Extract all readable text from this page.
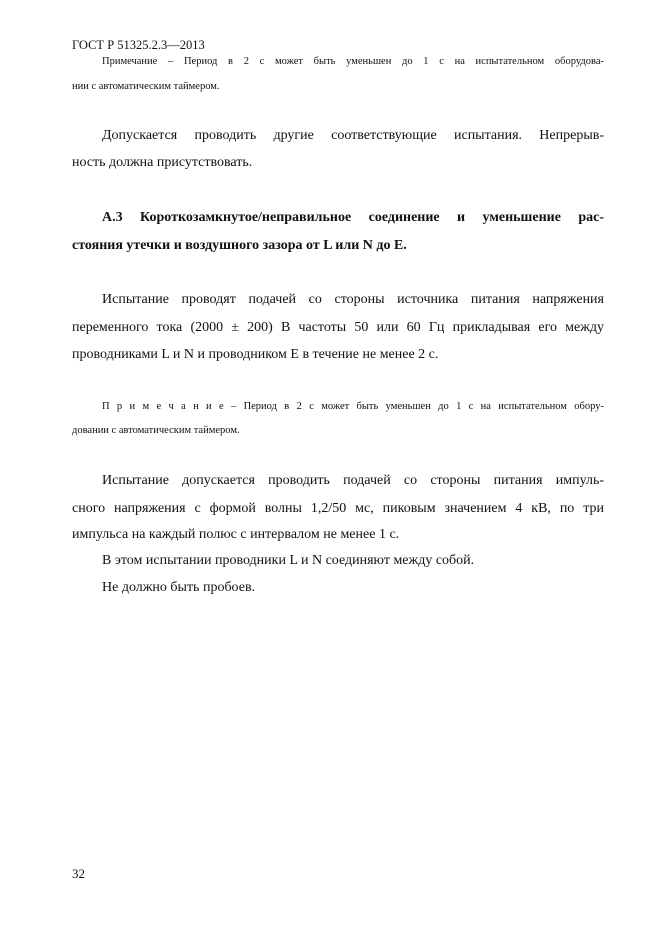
ГОСТ Р 51325.2.3—2013
Примечание – Период в 2 с может быть уменьшен до 1 с на испытательном оборудова-
нии с автоматическим таймером.
Допускается проводить другие соответствующие испытания. Непрерыв-
ность должна присутствовать.
А.3 Короткозамкнутое/неправильное соединение и уменьшение рас-
стояния утечки и воздушного зазора от L или N до E.
Испытание проводят подачей со стороны источника питания напряжения
переменного тока (2000 ± 200) В частоты 50 или 60 Гц прикладывая его между
проводниками L и N и проводником E в течение не менее 2 с.
П р и м е ч а н и е – Период в 2 с может быть уменьшен до 1 с на испытательном обору-
довании с автоматическим таймером.
Испытание допускается проводить подачей со стороны питания импуль-
сного напряжения с формой волны 1,2/50 мс, пиковым значением 4 кВ, по три
импульса на каждый полюс с интервалом не менее 1 с.
В этом испытании проводники L и N соединяют между собой.
Не должно быть пробоев.
32
